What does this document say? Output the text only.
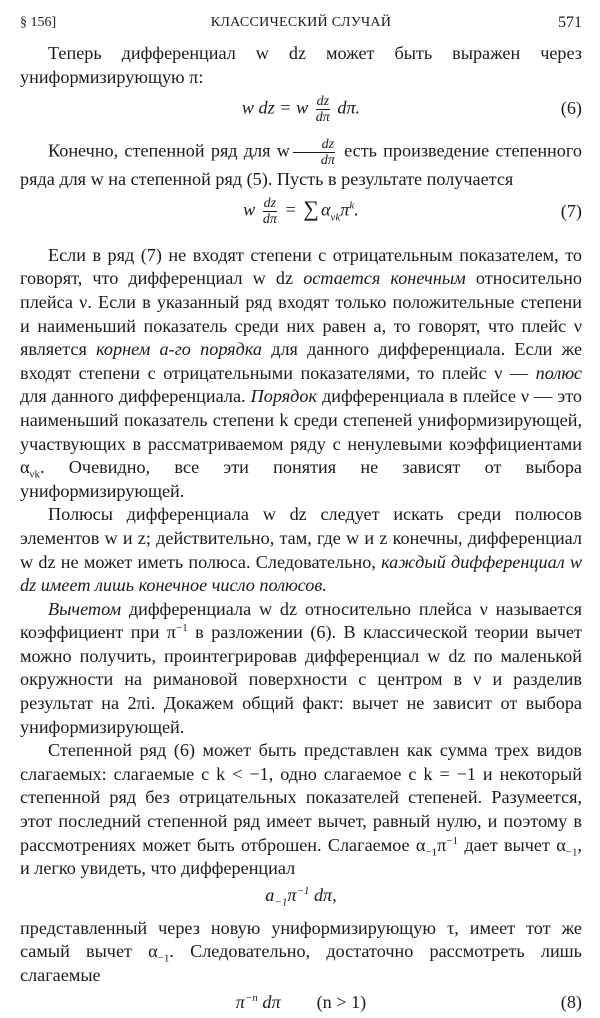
§ 156]	КЛАССИЧЕСКИЙ СЛУЧАЙ	571

Теперь дифференциал w dz может быть выражен через униформизирующую π:

w dz = w $\frac{dz}{d\pi} d\pi$.	(6)

Конечно, степенной ряд для w $\frac{dz}{d\pi}$ есть произведение степенного ряда для w на степенной ряд (5). Пусть в результате получается

w $\frac{dz}{d\pi}$ = ∑ $\alpha_{\nu k}\pi^k$.	(7)

Если в ряд (7) не входят степени с отрицательным показателем, то говорят, что дифференциал w dz остается конечным относительно плейса ν. Если в указанный ряд входят только положительные степени и наименьший показатель среди них равен a, то говорят, что плейс ν является корнем a-го порядка для данного дифференциала. Если же входят степени с отрицательными показателями, то плейс ν — полюс для данного дифференциала. Порядок дифференциала в плейсе ν — это наименьший показатель степени k среди степеней униформизирующей, участвующих в рассматриваемом ряду с ненулевыми коэффициентами $\alpha_{\nu k}$. Очевидно, все эти понятия не зависят от выбора униформизирующей.

Полюсы дифференциала w dz следует искать среди полюсов элементов w и z; действительно, там, где w и z конечны, дифференциал w dz не может иметь полюса. Следовательно, каждый дифференциал w dz имеет лишь конечное число полюсов.

Вычетом дифференциала w dz относительно плейса ν называется коэффициент при $\pi^{-1}$ в разложении (6). В классической теории вычет можно получить, проинтегрировав дифференциал w dz по маленькой окружности на римановой поверхности с центром в ν и разделив результат на 2πi. Докажем общий факт: вычет не зависит от выбора униформизирующей.

Степенной ряд (6) может быть представлен как сумма трех видов слагаемых: слагаемые с k < −1, одно слагаемое с k = −1 и некоторый степенной ряд без отрицательных показателей степеней. Разумеется, этот последний степенной ряд имеет вычет, равный нулю, и поэтому в рассмотрениях может быть отброшен. Слагаемое $\alpha_{-1}\pi^{-1}$ дает вычет $\alpha_{-1}$, и легко увидеть, что дифференциал

$a_{-1}\pi^{-1}$ dπ,

представленный через новую униформизирующую τ, имеет тот же самый вычет $\alpha_{-1}$. Следовательно, достаточно рассмотреть лишь слагаемые

$\pi^{-n}$ dπ (n > 1)	(8)
